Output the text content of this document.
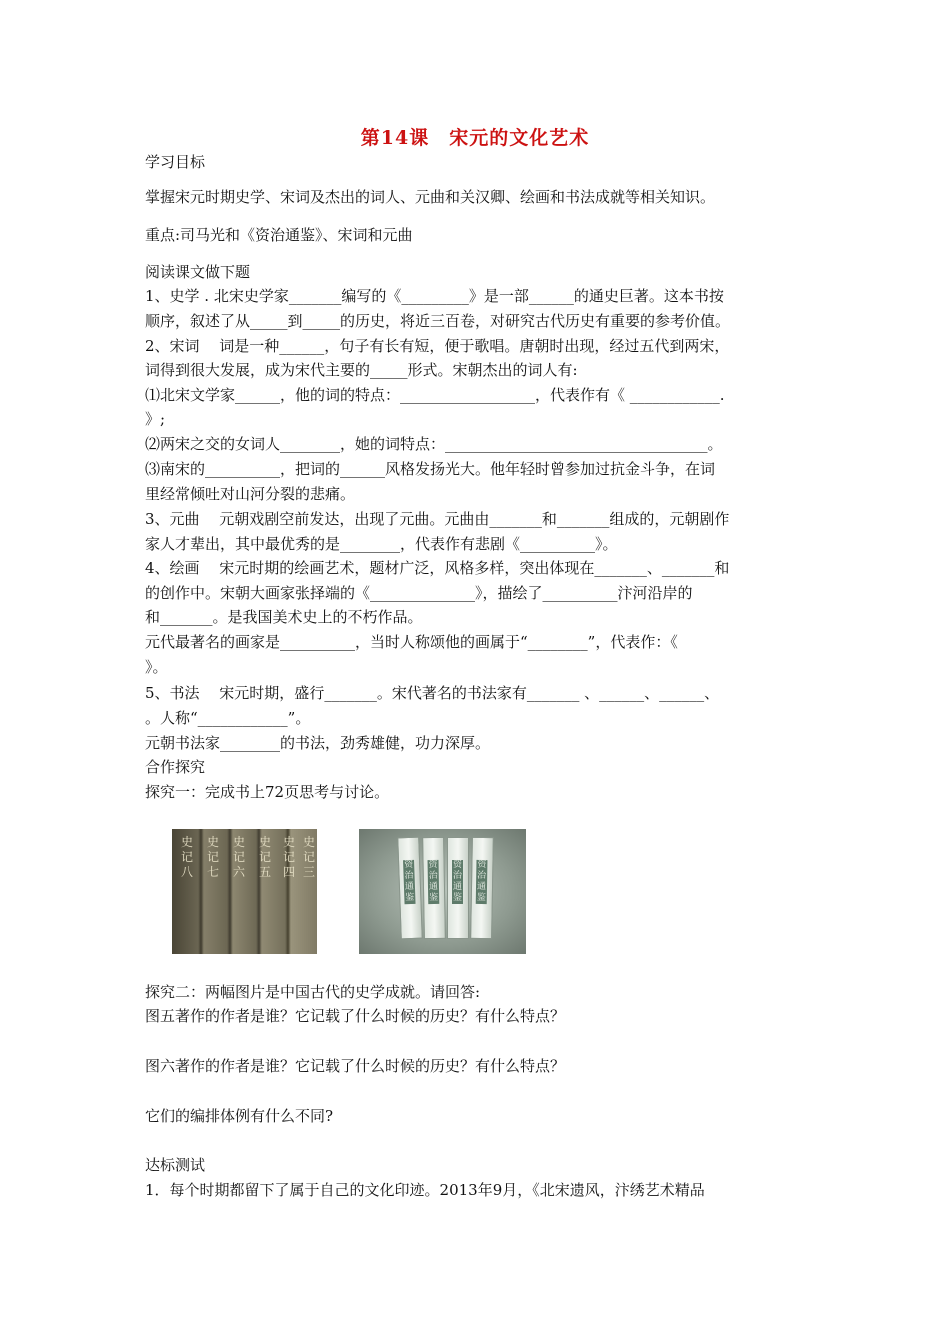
第14课　宋元的文化艺术
学习目标
掌握宋元时期史学、宋词及杰出的词人、元曲和关汉卿、绘画和书法成就等相关知识。
重点:司马光和《资治通鉴》、宋词和元曲
阅读课文做下题
1、史学 . 北宋史学家_______编写的《_________》是一部______的通史巨著。这本书按
顺序，叙述了从_____到_____的历史，将近三百卷，对研究古代历史有重要的参考价值。
2、宋词　 词是一种______，句子有长有短，便于歌唱。唐朝时出现，经过五代到两宋，
词得到很大发展，成为宋代主要的_____形式。宋朝杰出的词人有:
⑴北宋文学家______，他的词的特点：__________________，代表作有《 ____________.
》;
⑵两宋之交的女词人________，她的词特点：___________________________________。
⑶南宋的__________，把词的______风格发扬光大。他年轻时曾参加过抗金斗争，在词
里经常倾吐对山河分裂的悲痛。
3、元曲　 元朝戏剧空前发达，出现了元曲。元曲由_______和_______组成的，元朝剧作
家人才辈出，其中最优秀的是________，代表作有悲剧《__________》。
4、绘画　 宋元时期的绘画艺术，题材广泛，风格多样，突出体现在_______、_______和
的创作中。宋朝大画家张择端的《______________》，描绘了__________汴河沿岸的
和_______。是我国美术史上的不朽作品。
元代最著名的画家是__________，当时人称颂他的画属于“________”，代表作：《
》。
5、书法　 宋元时期，盛行_______。宋代著名的书法家有_______ 、______、______、
。人称“____________”。
元朝书法家________的书法，劲秀雄健，功力深厚。
合作探究
探究一：完成书上72页思考与讨论。
史
记
八
史
记
七
史
记
六
史
记
五
史
记
四
史
记
三	资
治
通
鉴
资
治
通
鉴
资
治
通
鉴
资
治
通
鉴
探究二：两幅图片是中国古代的史学成就。请回答:
图五著作的作者是谁？它记载了什么时候的历史？有什么特点？
图六著作的作者是谁？它记载了什么时候的历史？有什么特点？
它们的编排体例有什么不同?
达标测试
1．每个时期都留下了属于自己的文化印迹。2013年9月，《北宋遗风，汴绣艺术精品
